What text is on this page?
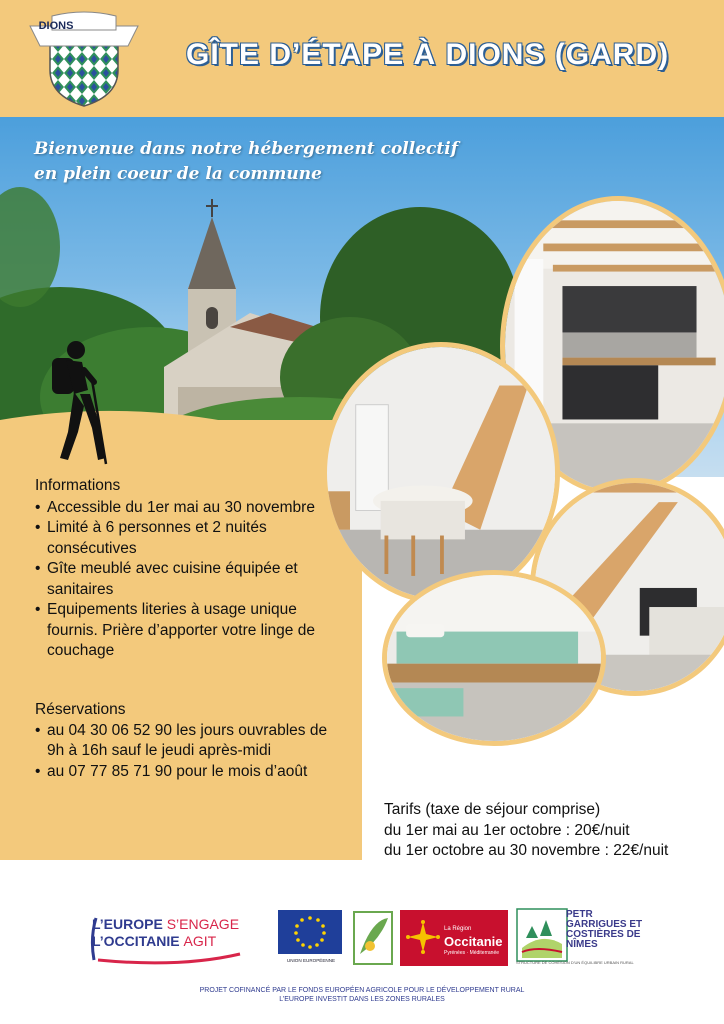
DIONS
GÎTE D’ÉTAPE À DIONS (GARD)
Bienvenue dans notre hébergement collectif
en plein coeur de la commune
Informations
• Accessible du 1er mai au 30 novembre
• Limité à 6 personnes et 2 nuités consécutives
• Gîte meublé avec cuisine équipée et sanitaires
• Equipements literies à usage unique fournis. Prière d’apporter votre linge de couchage
Réservations
• au 04 30 06 52 90 les jours ouvrables de 9h à 16h sauf le jeudi après-midi
• au 07 77 85 71 90 pour le mois d’août
Tarifs (taxe de séjour comprise)
du 1er mai au 1er octobre : 20€/nuit
du 1er octobre au 30 novembre : 22€/nuit
L’EUROPE S’ENGAGE
L’OCCITANIE AGIT
UNION EUROPÉENNE
La Région
Occitanie
Pyrénées · Méditerranée
PETR GARRIGUES ET COSTIÈRES DE NÎMES
STRUCTURE DE COHÉSION D'UN ÉQUILIBRE URBAIN RURAL
PROJET COFINANCÉ PAR LE FONDS EUROPÉEN AGRICOLE POUR LE DÉVELOPPEMENT RURAL
L’EUROPE INVESTIT DANS LES ZONES RURALES
